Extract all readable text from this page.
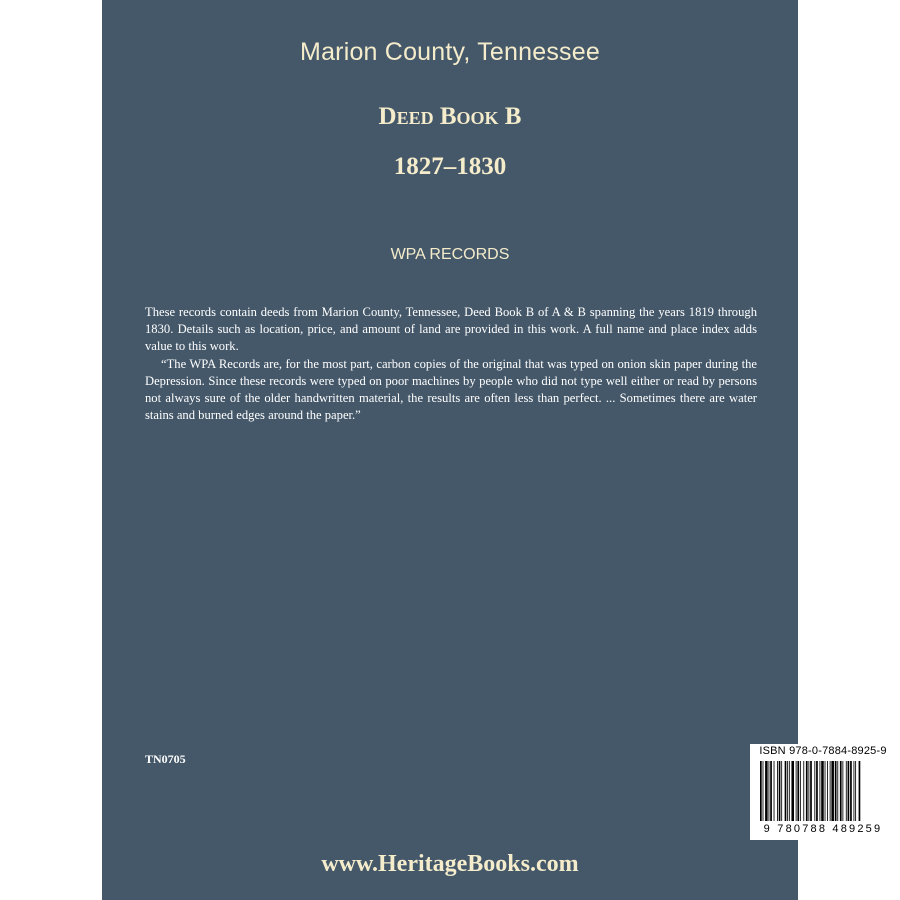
Marion County, Tennessee
Deed Book B
1827–1830
WPA RECORDS

These records contain deeds from Marion County, Tennessee, Deed Book B of A & B spanning the years 1819 through 1830. Details such as location, price, and amount of land are provided in this work. A full name and place index adds value to this work.

“The WPA Records are, for the most part, carbon copies of the original that was typed on onion skin paper during the Depression. Since these records were typed on poor machines by people who did not type well either or read by persons not always sure of the older handwritten material, the results are often less than perfect. ... Sometimes there are water stains and burned edges around the paper.”

TN0705
ISBN 978-0-7884-8925-9
9 780788 489259
www.HeritageBooks.com
